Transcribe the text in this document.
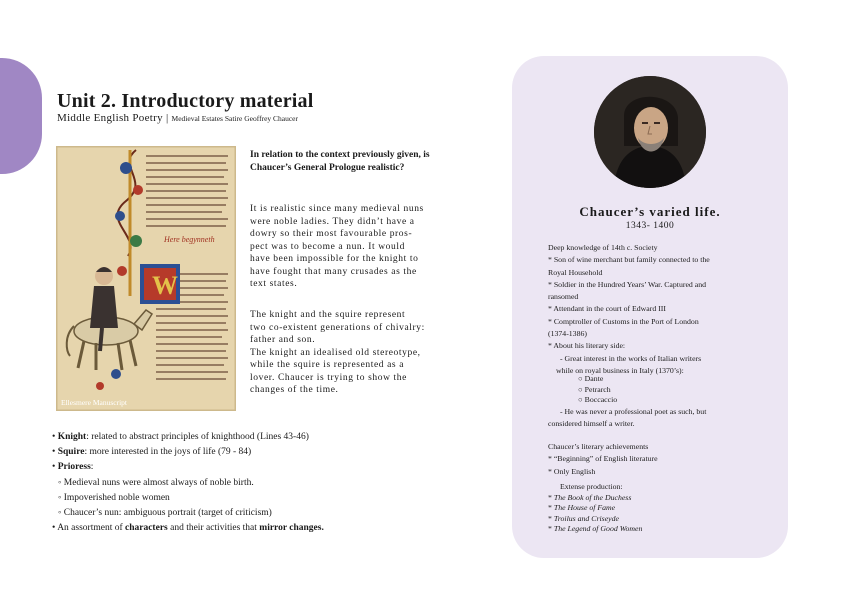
Unit 2. Introductory material
Middle English Poetry | Medieval Estates Satire Geoffrey Chaucer
Here begynneth
W
Ellesmere Manuscript
In relation to the context previously given, is Chaucer’s General Prologue realistic?
It is realistic since many medieval nuns
were noble ladies. They didn’t have a
dowry so their most favourable pros-
pect was to become a nun. It would
have been impossible for the knight to
have fought that many crusades as the
text states.
The knight and the squire represent
two co-existent generations of chivalry:
father and son.
The knight an idealised old stereotype,
while the squire is represented as a
lover. Chaucer is trying to show the
changes of the time.
• Knight: related to abstract principles of knighthood (Lines 43-46)
• Squire: more interested in the joys of life (79 - 84)
• Prioress:
◦ Medieval nuns were almost always of noble birth.
◦ Impoverished noble women
◦ Chaucer’s nun: ambiguous portrait (target of criticism)
• An assortment of characters and their activities that mirror changes.
Chaucer’s varied life.
1343- 1400
Deep knowledge of 14th c. Society
* Son of wine merchant but family connected to the
Royal Household
* Soldier in the Hundred Years’ War. Captured and
ransomed
* Attendant in the court of Edward III
* Comptroller of Customs in the Port of London
(1374-1386)
* About his literary side:
- Great interest in the works of Italian writers
while on royal business in Italy (1370’s):
○ Dante
○ Petrarch
○ Boccaccio
- He was never a professional poet as such, but
considered himself a writer.
Chaucer’s literary achievements
* “Beginning” of English literature
* Only English
Extense production:
* The Book of the Duchess
* The House of Fame
* Troilus and Criseyde
* The Legend of Good Women
